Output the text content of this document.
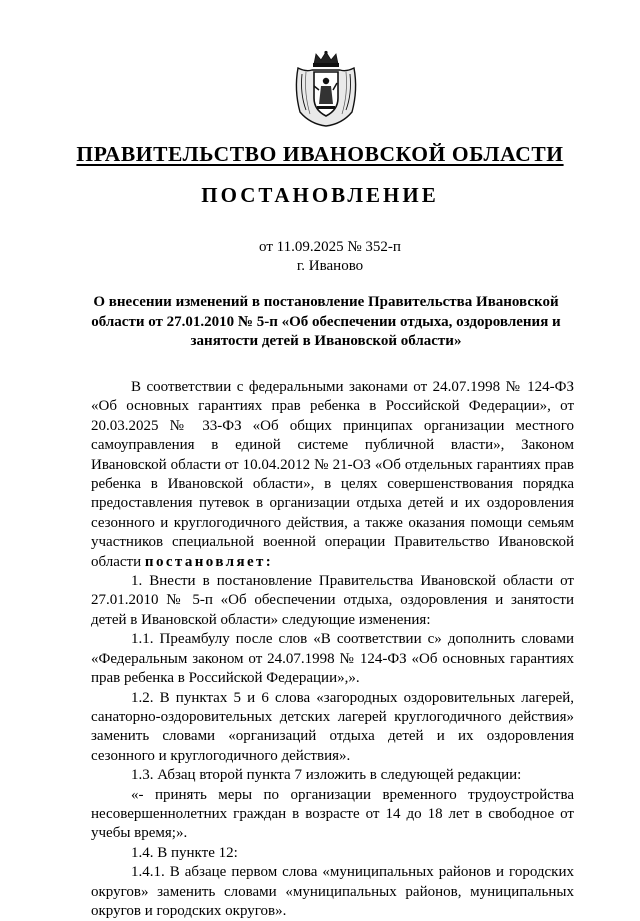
ПРАВИТЕЛЬСТВО ИВАНОВСКОЙ ОБЛАСТИ
ПОСТАНОВЛЕНИЕ
от 11.09.2025 № 352-п
г. Иваново
О внесении изменений в постановление Правительства Ивановской области от 27.01.2010 № 5-п «Об обеспечении отдыха, оздоровления и занятости детей в Ивановской области»

В соответствии с федеральными законами от 24.07.1998 № 124-ФЗ «Об основных гарантиях прав ребенка в Российской Федерации», от 20.03.2025 № 33-ФЗ «Об общих принципах организации местного самоуправления в единой системе публичной власти», Законом Ивановской области от 10.04.2012 № 21-ОЗ «Об отдельных гарантиях прав ребенка в Ивановской области», в целях совершенствования порядка предоставления путевок в организации отдыха детей и их оздоровления сезонного и круглогодичного действия, а также оказания помощи семьям участников специальной военной операции Правительство Ивановской области постановляет:

1. Внести в постановление Правительства Ивановской области от 27.01.2010 № 5-п «Об обеспечении отдыха, оздоровления и занятости детей в Ивановской области» следующие изменения:

1.1. Преамбулу после слов «В соответствии с» дополнить словами «Федеральным законом от 24.07.1998 № 124-ФЗ «Об основных гарантиях прав ребенка в Российской Федерации»,».

1.2. В пунктах 5 и 6 слова «загородных оздоровительных лагерей, санаторно-оздоровительных детских лагерей круглогодичного действия» заменить словами «организаций отдыха детей и их оздоровления сезонного и круглогодичного действия».

1.3. Абзац второй пункта 7 изложить в следующей редакции:

«- принять меры по организации временного трудоустройства несовершеннолетних граждан в возрасте от 14 до 18 лет в свободное от учебы время;».

1.4. В пункте 12:

1.4.1. В абзаце первом слова «муниципальных районов и городских округов» заменить словами «муниципальных районов, муниципальных округов и городских округов».
